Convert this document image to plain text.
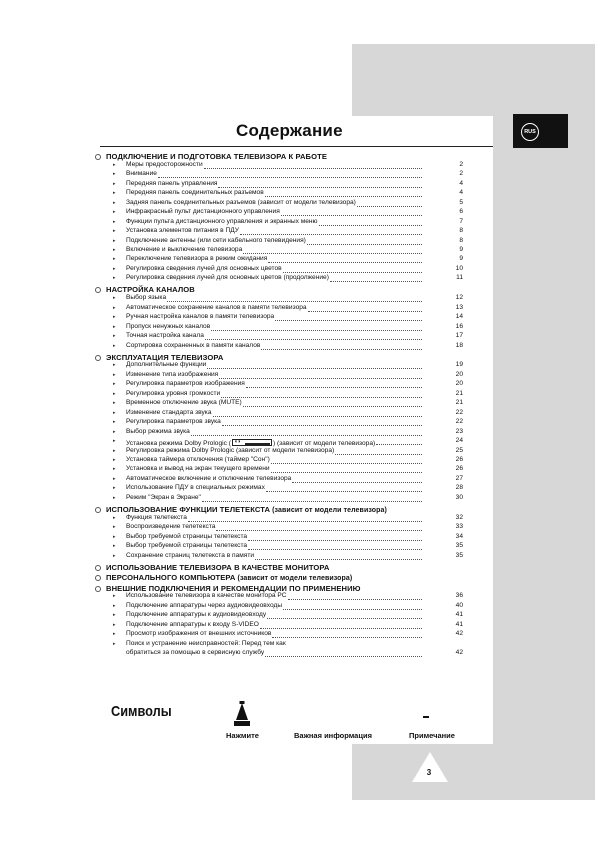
RUS
Содержание
ПОДКЛЮЧЕНИЕ И ПОДГОТОВКА ТЕЛЕВИЗОРА К РАБОТЕ
▸ Меры предосторожности	2
▸ Внимание	2
▸ Передняя панель управления	4
▸ Передняя панель соединительных разъемов	4
▸ Задняя панель соединительных разъемов (зависит от модели телевизора)	5
▸ Инфракрасный пульт дистанционного управления	6
▸ Функции пульта дистанционного управления и экранных меню	7
▸ Установка элементов питания в ПДУ	8
▸ Подключение антенны (или сети кабельного телевидения)	8
▸ Включение и выключение телевизора	9
▸ Переключение телевизора в режим ожидания	9
▸ Регулировка сведения лучей для основных цветов	10
▸ Регулировка сведения лучей для основных цветов (продолжение)	11
НАСТРОЙКА КАНАЛОВ
▸ Выбор языка	12
▸ Автоматическое сохранение каналов в памяти телевизора	13
▸ Ручная настройка каналов в памяти телевизора	14
▸ Пропуск ненужных каналов	16
▸ Точная настройка канала	17
▸ Сортировка сохраненных в памяти каналов	18
ЭКСПЛУАТАЦИЯ ТЕЛЕВИЗОРА
▸ Дополнительные функции	19
▸ Изменение типа изображения	20
▸ Регулировка параметров изображения	20
▸ Регулировка уровня громкости	21
▸ Временное отключение звука (MUTE)	21
▸ Изменение стандарта звука	22
▸ Регулировка параметров звука	22
▸ Выбор режима звука	23
▸ Установка режима Dolby Prologic ( ◖◗	) (зависит от модели телевизора)	24
▸ Регулировка режима Dolby Prologic (зависит от модели телевизора)	25
▸ Установка таймера отключения (таймер "Сон")	26
▸ Установка и вывод на экран текущего времени	26
▸ Автоматическое включение и отключение телевизора	27
▸ Использование ПДУ в специальных режимах	28
▸ Режим "Экран в Экране"	30
ИСПОЛЬЗОВАНИЕ ФУНКЦИИ ТЕЛЕТЕКСТА (зависит от модели телевизора)
▸ Функция телетекста	32
▸ Воспроизведение телетекста	33
▸ Выбор требуемой страницы телетекста	34
▸ Выбор требуемой страницы телетекста	35
▸ Сохранение страниц телетекста в памяти	35
ИСПОЛЬЗОВАНИЕ ТЕЛЕВИЗОРА В КАЧЕСТВЕ МОНИТОРА
ПЕРСОНАЛЬНОГО КОМПЬЮТЕРА (зависит от модели телевизора)
ВНЕШНИЕ ПОДКЛЮЧЕНИЯ И РЕКОМЕНДАЦИИ ПО ПРИМЕНЕНИЮ
▸ Использование телевизора в качестве монитора PC	36
▸ Подключение аппаратуры через аудиовидеовходы	40
▸ Подключение аппаратуры к аудиовидеовходу	41
▸ Подключение аппаратуры к входу S-VIDEO	41
▸ Просмотр изображения от внешних источников	42
▸ Поиск и устранение неисправностей: Перед тем как
обратиться за помощью в сервисную службу	42
Символы
Нажмите	Важная информация	Примечание
3
